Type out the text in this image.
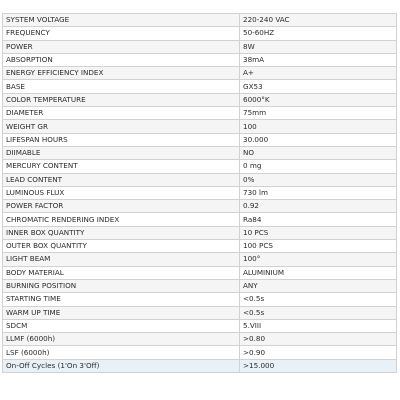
SYSTEM VOLTAGE	220-240 VAC
FREQUENCY	50-60HZ
POWER	8W
ABSORPTION	38mA
ENERGY EFFICIENCY INDEX	A+
BASE	GX53
COLOR TEMPERATURE	6000°K
DIAMETER	75mm
WEIGHT GR	100
LIFESPAN HOURS	30.000
DIIMABLE	NO
MERCURY CONTENT	0 mg
LEAD CONTENT	0%
LUMINOUS FLUX	730 lm
POWER FACTOR	0.92
CHROMATIC RENDERING INDEX	Ra84
INNER BOX QUANTITY	10 PCS
OUTER BOX QUANTITY	100 PCS
LIGHT BEAM	100°
BODY MATERIAL	ALUMINIUM
BURNING POSITION	ANY
STARTING TIME	<0.5s
WARM UP TIME	<0.5s
SDCM	5.VIII
LLMF (6000h)	>0.80
LSF (6000h)	>0.90
On-Off Cycles (1'On 3'Off)	>15.000
